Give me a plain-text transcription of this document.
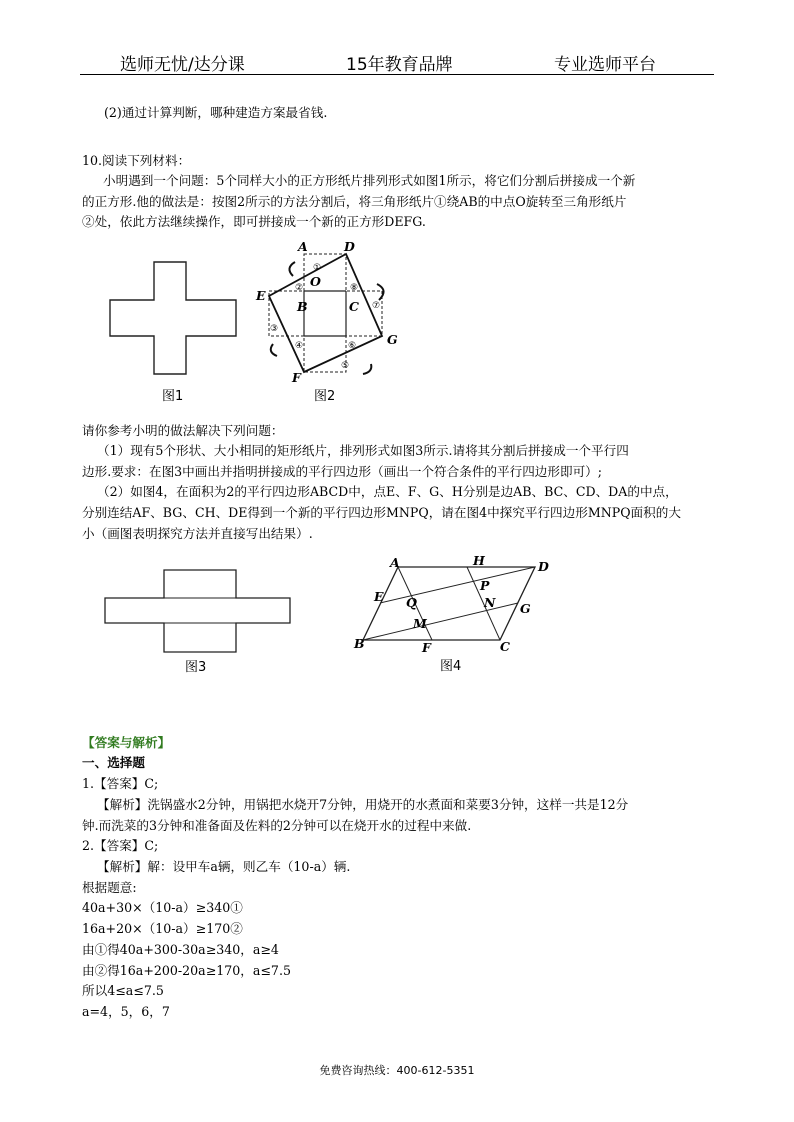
选师无忧/达分课	15年教育品牌	专业选师平台
(2)通过计算判断，哪种建造方案最省钱.
10.阅读下列材料：
小明遇到一个问题：5个同样大小的正方形纸片排列形式如图1所示，将它们分割后拼接成一个新
的正方形.他的做法是：按图2所示的方法分割后，将三角形纸片①绕AB的中点O旋转至三角形纸片
②处，依此方法继续操作，即可拼接成一个新的正方形DEFG.
图1
A	D
O
E
B	C
G
F
①
②
③
④
⑤
⑥
⑦
⑧
图2
请你参考小明的做法解决下列问题：
（1）现有5个形状、大小相同的矩形纸片，排列形式如图3所示.请将其分割后拼接成一个平行四
边形.要求：在图3中画出并指明拼接成的平行四边形（画出一个符合条件的平行四边形即可）;
（2）如图4，在面积为2的平行四边形ABCD中，点E、F、G、H分别是边AB、BC、CD、DA的中点，
分别连结AF、BG、CH、DE得到一个新的平行四边形MNPQ，请在图4中探究平行四边形MNPQ面积的大
小（画图表明探究方法并直接写出结果）.
图3
A	H	D
P
E Q	N G
M
B	F	C
图4
【答案与解析】
一、选择题
1.【答案】C;
【解析】洗锅盛水2分钟，用锅把水烧开7分钟，用烧开的水煮面和菜要3分钟，这样一共是12分
钟.而洗菜的3分钟和准备面及佐料的2分钟可以在烧开水的过程中来做.
2.【答案】C;
【解析】解：设甲车a辆，则乙车（10-a）辆.
根据题意:
40a+30×（10-a）≥340①
16a+20×（10-a）≥170②
由①得40a+300-30a≥340，a≥4
由②得16a+200-20a≥170，a≤7.5
所以4≤a≤7.5
a=4，5，6，7
免费咨询热线：400-612-5351
